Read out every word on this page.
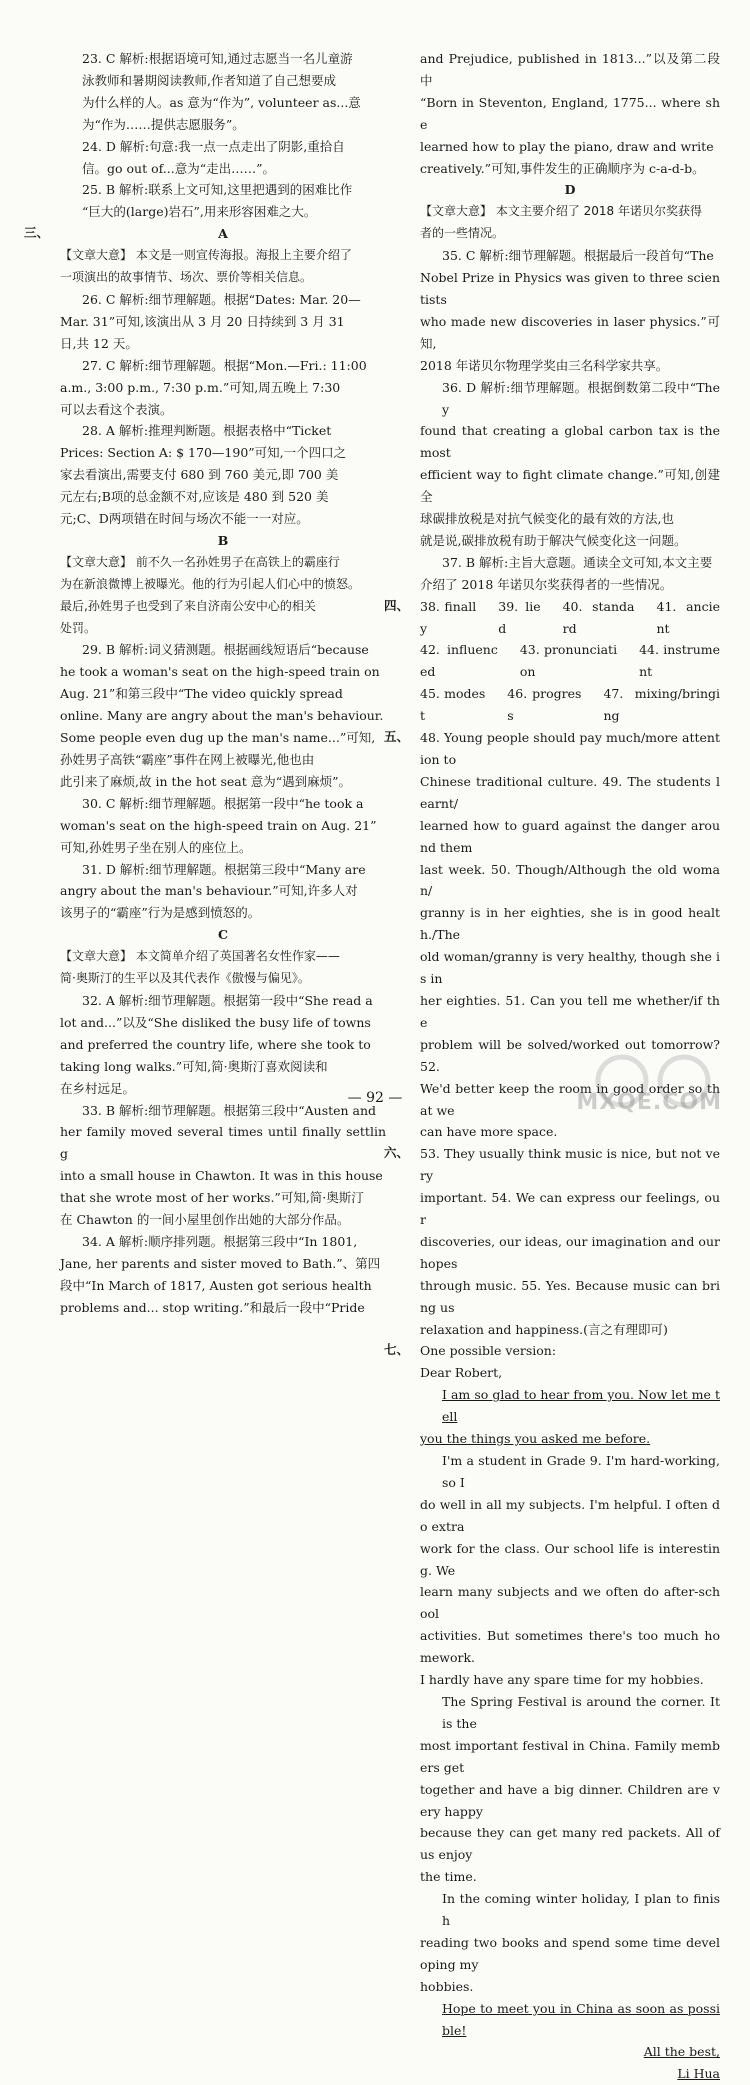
23. C 解析:根据语境可知,通过志愿当一名儿童游

泳教师和暑期阅读教师,作者知道了自己想要成

为什么样的人。as 意为“作为”, volunteer as...意

为“作为……提供志愿服务”。

24. D 解析:句意:我一点一点走出了阴影,重拾自

信。go out of...意为“走出……”。

25. B 解析:联系上文可知,这里把遇到的困难比作

“巨大的(large)岩石”,用来形容困难之大。

三、	A

【文章大意】 本文是一则宣传海报。海报上主要介绍了

一项演出的故事情节、场次、票价等相关信息。

26. C 解析:细节理解题。根据“Dates: Mar. 20—

Mar. 31”可知,该演出从 3 月 20 日持续到 3 月 31

日,共 12 天。

27. C 解析:细节理解题。根据“Mon.—Fri.: 11:00

a.m., 3:00 p.m., 7:30 p.m.”可知,周五晚上 7:30

可以去看这个表演。

28. A 解析:推理判断题。根据表格中“Ticket

Prices: Section A: $ 170—190”可知,一个四口之

家去看演出,需要支付 680 到 760 美元,即 700 美

元左右;B项的总金额不对,应该是 480 到 520 美

元;C、D两项错在时间与场次不能一一对应。

B

【文章大意】 前不久一名孙姓男子在高铁上的霸座行

为在新浪微博上被曝光。他的行为引起人们心中的愤怒。

最后,孙姓男子也受到了来自济南公安中心的相关

处罚。

29. B 解析:词义猜测题。根据画线短语后“because

he took a woman's seat on the high-speed train on

Aug. 21”和第三段中“The video quickly spread

online. Many are angry about the man's behaviour.

Some people even dug up the man's name...”可知,

孙姓男子高铁“霸座”事件在网上被曝光,他也由

此引来了麻烦,故 in the hot seat 意为“遇到麻烦”。

30. C 解析:细节理解题。根据第一段中“he took a

woman's seat on the high-speed train on Aug. 21”

可知,孙姓男子坐在别人的座位上。

31. D 解析:细节理解题。根据第三段中“Many are

angry about the man's behaviour.”可知,许多人对

该男子的“霸座”行为是感到愤怒的。

C

【文章大意】 本文简单介绍了英国著名女性作家——

简·奥斯汀的生平以及其代表作《傲慢与偏见》。

32. A 解析:细节理解题。根据第一段中“She read a

lot and...”以及“She disliked the busy life of towns

and preferred the country life, where she took to

taking long walks.”可知,简·奥斯汀喜欢阅读和

在乡村远足。

33. B 解析:细节理解题。根据第三段中“Austen and

her family moved several times until finally settling

into a small house in Chawton. It was in this house

that she wrote most of her works.”可知,简·奥斯汀

在 Chawton 的一间小屋里创作出她的大部分作品。

34. A 解析:顺序排列题。根据第三段中“In 1801,

Jane, her parents and sister moved to Bath.”、第四

段中“In March of 1817, Austen got serious health

problems and... stop writing.”和最后一段中“Pride

and Prejudice, published in 1813...”以及第二段中

“Born in Steventon, England, 1775... where she

learned how to play the piano, draw and write

creatively.”可知,事件发生的正确顺序为 c-a-d-b。

D

【文章大意】 本文主要介绍了 2018 年诺贝尔奖获得

者的一些情况。

35. C 解析:细节理解题。根据最后一段首句“The

Nobel Prize in Physics was given to three scientists

who made new discoveries in laser physics.”可知,

2018 年诺贝尔物理学奖由三名科学家共享。

36. D 解析:细节理解题。根据倒数第二段中“They

found that creating a global carbon tax is the most

efficient way to fight climate change.”可知,创建全

球碳排放税是对抗气候变化的最有效的方法,也

就是说,碳排放税有助于解决气候变化这一问题。

37. B 解析:主旨大意题。通读全文可知,本文主要

介绍了 2018 年诺贝尔奖获得者的一些情况。

四、 38. finally
39. lied
40. standard
41. ancient
42. influenced
43. pronunciation
44. instrument
45. modest
46. progress
47. mixing/bringing
五、 48. Young people should pay much/more attention to

Chinese traditional culture. 49. The students learnt/

learned how to guard against the danger around them

last week. 50. Though/Although the old woman/

granny is in her eighties, she is in good health./The

old woman/granny is very healthy, though she is in

her eighties. 51. Can you tell me whether/if the

problem will be solved/worked out tomorrow? 52.

We'd better keep the room in good order so that we

can have more space.

六、 53. They usually think music is nice, but not very

important. 54. We can express our feelings, our

discoveries, our ideas, our imagination and our hopes

through music. 55. Yes. Because music can bring us

relaxation and happiness.(言之有理即可)

七、 One possible version:

Dear Robert,

I am so glad to hear from you. Now let me tell

you the things you asked me before.

I'm a student in Grade 9. I'm hard-working, so I

do well in all my subjects. I'm helpful. I often do extra

work for the class. Our school life is interesting. We

learn many subjects and we often do after-school

activities. But sometimes there's too much homework.

I hardly have any spare time for my hobbies.

The Spring Festival is around the corner. It is the

most important festival in China. Family members get

together and have a big dinner. Children are very happy

because they can get many red packets. All of us enjoy

the time.

In the coming winter holiday, I plan to finish

reading two books and spend some time developing my

hobbies.

Hope to meet you in China as soon as possible!

All the best,

Li Hua

— 92 —	MXQE.COM
